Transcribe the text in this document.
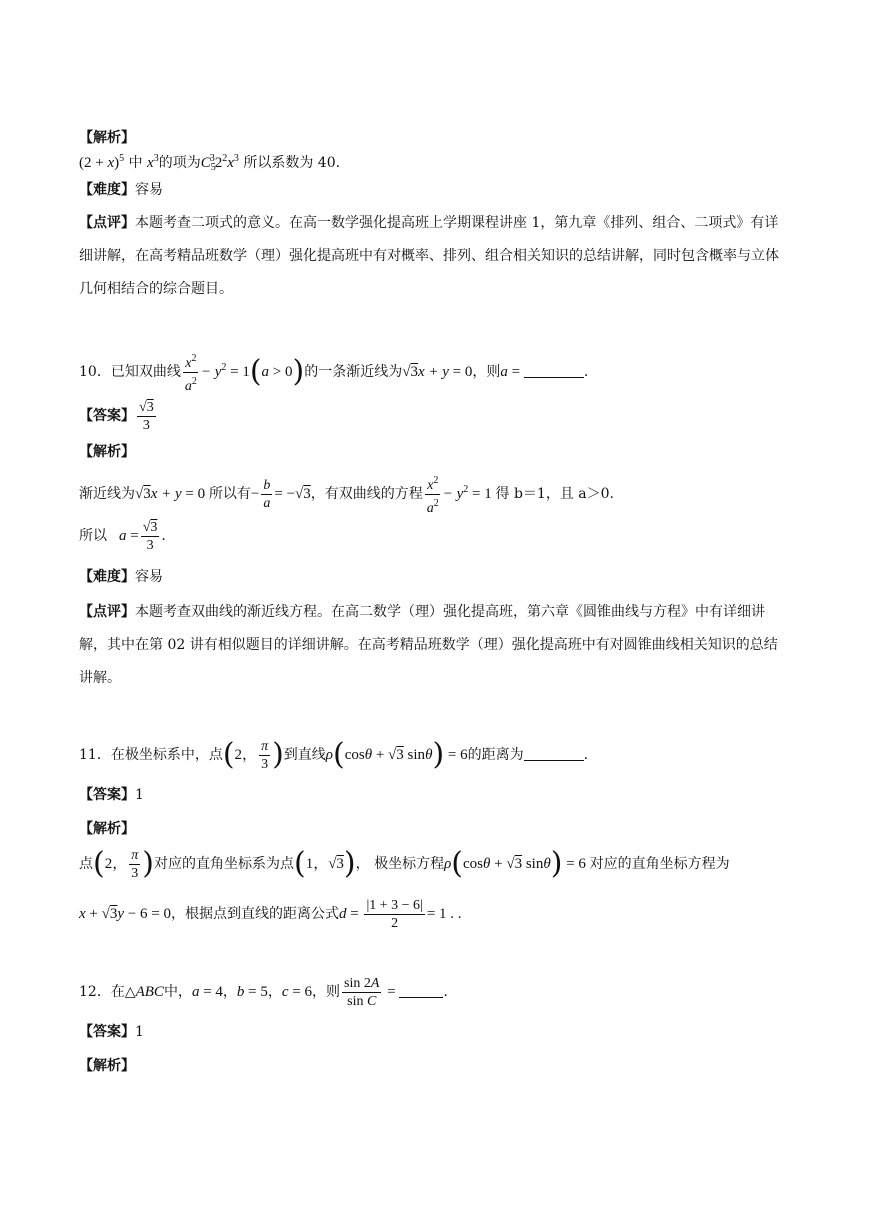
【解析】
$(2 + x)^5$ 中 $x^3$的项为$C_5^32^2x^3$ 所以系数为 40.
【难度】容易
【点评】本题考查二项式的意义。在高一数学强化提高班上学期课程讲座 1，第九章《排列、组合、二项式》有详细讲解，在高考精品班数学（理）强化提高班中有对概率、排列、组合相关知识的总结讲解，同时包含概率与立体几何相结合的综合题目。
10．已知双曲线 $\frac{x^2}{a^2} - y^2 = 1(a > 0)$的一条渐近线为√3x + y = 0，则a =	.
【答案】 $\frac{√3}{3}$
【解析】
渐近线为√3x + y = 0 所以有− $\frac{b}{a} = -√3$，有双曲线的方程 $\frac{x^2}{a^2} - y^2 = 1$ 得 b＝1，且 a＞0.
所以 $a = \frac{√3}{3}$ .
【难度】容易
【点评】本题考查双曲线的渐近线方程。在高二数学（理）强化提高班，第六章《圆锥曲线与方程》中有详细讲解，其中在第 02 讲有相似题目的详细讲解。在高考精品班数学（理）强化提高班中有对圆锥曲线相关知识的总结讲解。
11．在极坐标系中，点(2， $\frac{\pi}{3}$ )到直线ρ(cosθ + √3 sinθ) = 6的距离为	.
【答案】1
【解析】
点(2， $\frac{\pi}{3}$ )对应的直角坐标系为点(1，√3)， 极坐标方程ρ(cosθ + √3 sinθ) = 6 对应的直角坐标方程为
x + √3y − 6 = 0，根据点到直线的距离公式$d = \frac{|1 + 3 - 6|}{2} = 1$ . .
12．在△ABC中，a = 4，b = 5，c = 6，则 $\frac{\sin 2A}{\text{sin C}}$ =	.
【答案】1
【解析】
